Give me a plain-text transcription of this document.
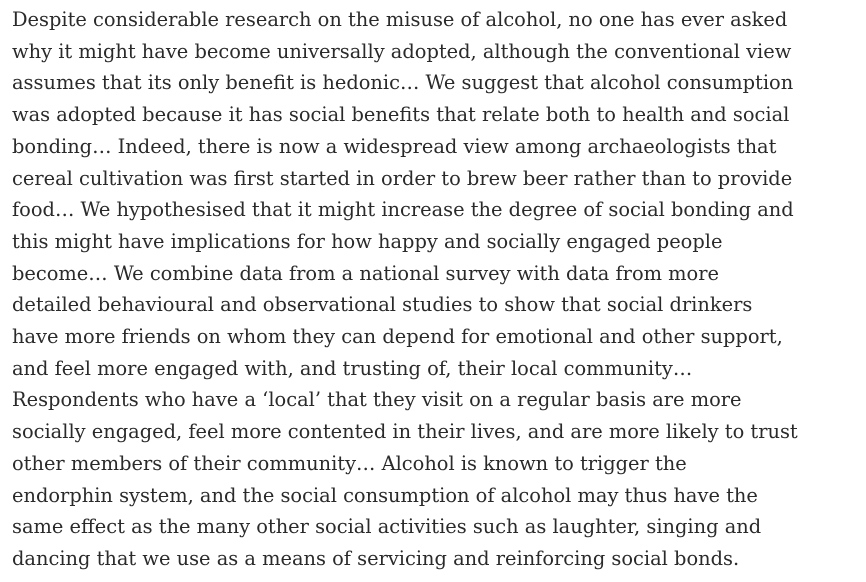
Despite considerable research on the misuse of alcohol, no one has ever asked
why it might have become universally adopted, although the conventional view
assumes that its only benefit is hedonic… We suggest that alcohol consumption
was adopted because it has social benefits that relate both to health and social
bonding… Indeed, there is now a widespread view among archaeologists that
cereal cultivation was first started in order to brew beer rather than to provide
food… We hypothesised that it might increase the degree of social bonding and
this might have implications for how happy and socially engaged people
become… We combine data from a national survey with data from more
detailed behavioural and observational studies to show that social drinkers
have more friends on whom they can depend for emotional and other support,
and feel more engaged with, and trusting of, their local community…
Respondents who have a ‘local’ that they visit on a regular basis are more
socially engaged, feel more contented in their lives, and are more likely to trust
other members of their community… Alcohol is known to trigger the
endorphin system, and the social consumption of alcohol may thus have the
same effect as the many other social activities such as laughter, singing and
dancing that we use as a means of servicing and reinforcing social bonds.
